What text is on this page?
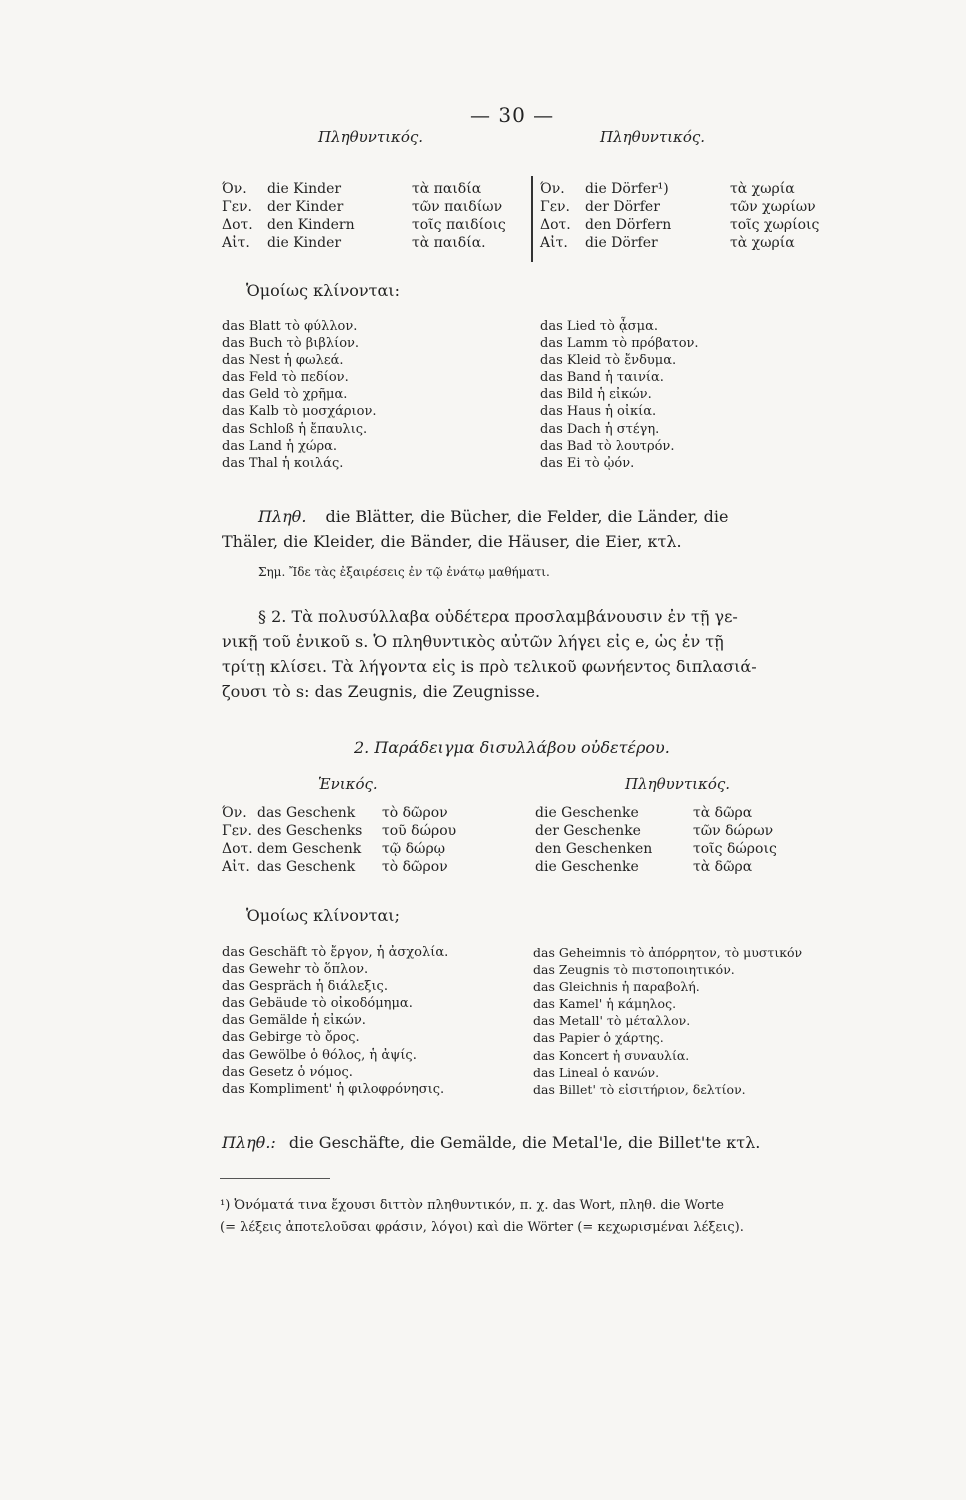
— 30 —
Πληθυντικός.	Πληθυντικός.
Όν. die Kinder	τὰ παιδία
Γεν. der Kinder	τῶν παιδίων
Δοτ. den Kindern	τοῖς παιδίοις
Αἰτ. die Kinder	τὰ παιδία.
Όν. die Dörfer¹)	τὰ χωρία
Γεν. der Dörfer	τῶν χωρίων
Δοτ. den Dörfern	τοῖς χωρίοις
Αἰτ. die Dörfer	τὰ χωρία
Ὁμοίως κλίνονται:
das Blatt τὸ φύλλον.
das Buch τὸ βιβλίον.
das Nest ἡ φωλεά.
das Feld τὸ πεδίον.
das Geld τὸ χρῆμα.
das Kalb τὸ μοσχάριον.
das Schloß ἡ ἔπαυλις.
das Land ἡ χώρα.
das Thal ἡ κοιλάς.
das Lied τὸ ᾆσμα.
das Lamm τὸ πρόβατον.
das Kleid τὸ ἔνδυμα.
das Band ἡ ταινία.
das Bild ἡ εἰκών.
das Haus ἡ οἰκία.
das Dach ἡ στέγη.
das Bad τὸ λουτρόν.
das Ei τὸ ᾠόν.
Πληθ. die Blätter, die Bücher, die Felder, die Länder, die
Thäler, die Kleider, die Bänder, die Häuser, die Eier, κτλ.
Σημ. Ἴδε τὰς ἐξαιρέσεις ἐν τῷ ἐνάτῳ μαθήματι.
§ 2. Τὰ πολυσύλλαβα οὐδέτερα προσλαμβάνουσιν ἐν τῇ γε-
νικῇ τοῦ ἑνικοῦ s. Ὁ πληθυντικὸς αὐτῶν λήγει εἰς e, ὡς ἐν τῇ
τρίτῃ κλίσει. Τὰ λήγοντα εἰς is πρὸ τελικοῦ φωνήεντος διπλασιά-
ζουσι τὸ s: das Zeugnis, die Zeugnisse.
2. Παράδειγμα δισυλλάβου οὐδετέρου.
Ἑνικός.	Πληθυντικός.
Όν. das Geschenk τὸ δῶρον
Γεν. des Geschenks τοῦ δώρου
Δοτ. dem Geschenk τῷ δώρῳ
Αἰτ. das Geschenk τὸ δῶρον
die Geschenke	τὰ δῶρα
der Geschenke	τῶν δώρων
den Geschenken	τοῖς δώροις
die Geschenke	τὰ δῶρα
Ὁμοίως κλίνονται;
das Geschäft τὸ ἔργον, ἡ ἀσχολία.
das Gewehr τὸ ὅπλον.
das Gespräch ἡ διάλεξις.
das Gebäude τὸ οἰκοδόμημα.
das Gemälde ἡ εἰκών.
das Gebirge τὸ ὄρος.
das Gewölbe ὁ θόλος, ἡ ἀψίς.
das Gesetz ὁ νόμος.
das Kompliment' ἡ φιλοφρόνησις.
das Geheimnis τὸ ἀπόρρητον, τὸ μυστικόν
das Zeugnis τὸ πιστοποιητικόν.
das Gleichnis ἡ παραβολή.
das Kamel' ἡ κάμηλος.
das Metall' τὸ μέταλλον.
das Papier ὁ χάρτης.
das Koncert ἡ συναυλία.
das Lineal ὁ κανών.
das Billet' τὸ εἰσιτήριον, δελτίον.
Πληθ.: die Geschäfte, die Gemälde, die Metal'le, die Billet'te κτλ.
¹) Ὀνόματά τινα ἔχουσι διττὸν πληθυντικόν, π. χ. das Wort, πληθ. die Worte
(= λέξεις ἀποτελοῦσαι φράσιν, λόγοι) καὶ die Wörter (= κεχωρισμέναι λέξεις).
